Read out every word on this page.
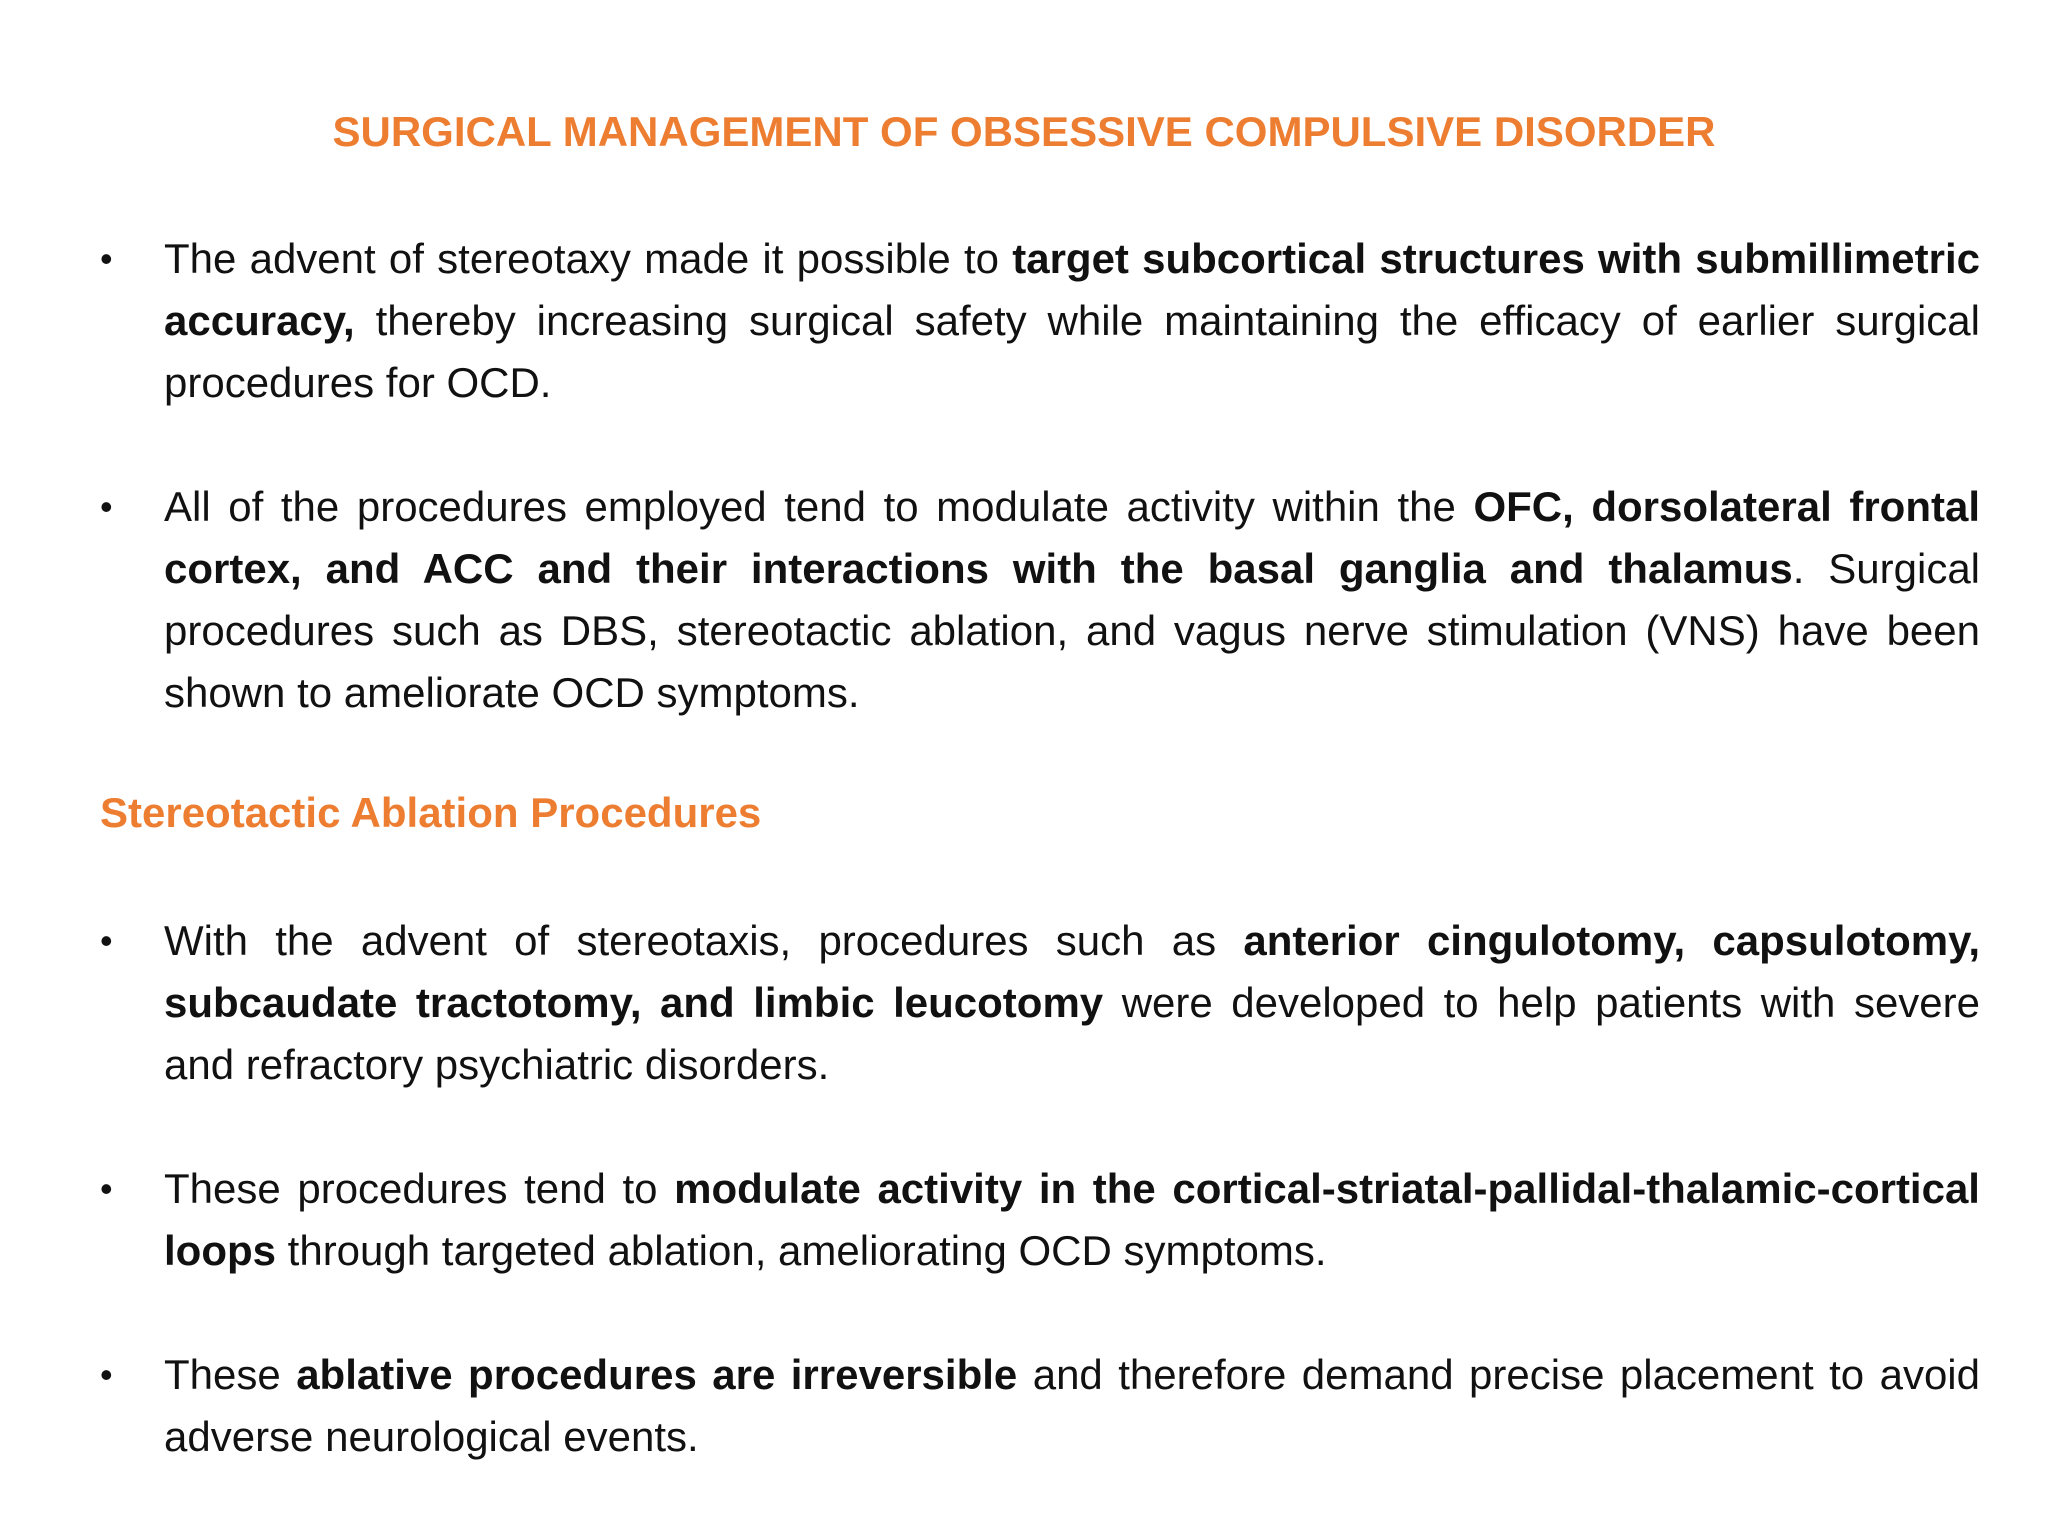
SURGICAL MANAGEMENT OF OBSESSIVE COMPULSIVE DISORDER
•	The advent of stereotaxy made it possible to target subcortical structures with submillimetric accuracy, thereby increasing surgical safety while maintaining the efficacy of earlier surgical procedures for OCD.
•	All of the procedures employed tend to modulate activity within the OFC, dorsolateral frontal cortex, and ACC and their interactions with the basal ganglia and thalamus. Surgical procedures such as DBS, stereotactic ablation, and vagus nerve stimulation (VNS) have been shown to ameliorate OCD symptoms.
Stereotactic Ablation Procedures
•	With the advent of stereotaxis, procedures such as anterior cingulotomy, capsulotomy, subcaudate tractotomy, and limbic leucotomy were developed to help patients with severe and refractory psychiatric disorders.
•	These procedures tend to modulate activity in the cortical-striatal-pallidal-thalamic-cortical loops through targeted ablation, ameliorating OCD symptoms.
•	These ablative procedures are irreversible and therefore demand precise placement to avoid adverse neurological events.
